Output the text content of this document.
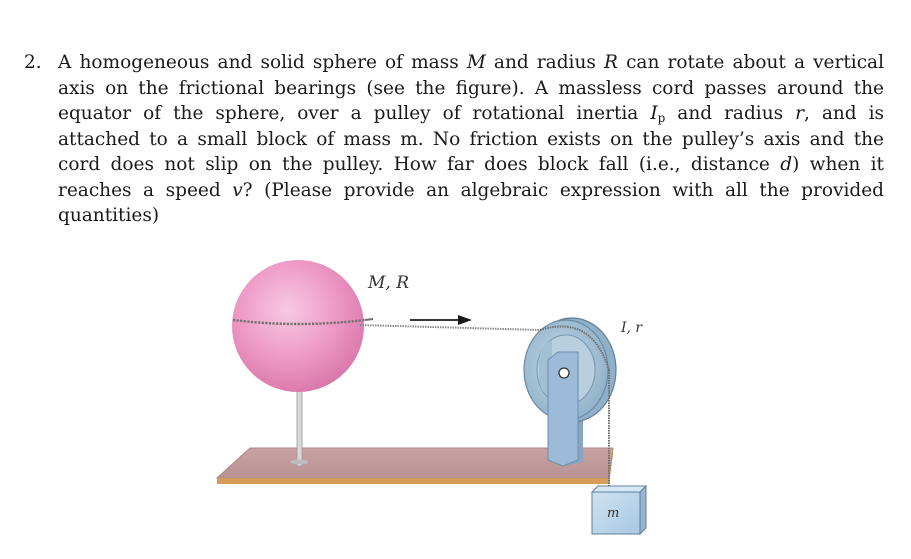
2. A homogeneous and solid sphere of mass M and radius R can rotate about a vertical
axis on the frictional bearings (see the figure). A massless cord passes around the
equator of the sphere, over a pulley of rotational inertia $I_p$ and radius r, and is
attached to a small block of mass m. No friction exists on the pulley’s axis and the
cord does not slip on the pulley. How far does block fall (i.e., distance d) when it
reaches a speed v? (Please provide an algebraic expression with all the provided
quantities)
M, R
I, r
m
